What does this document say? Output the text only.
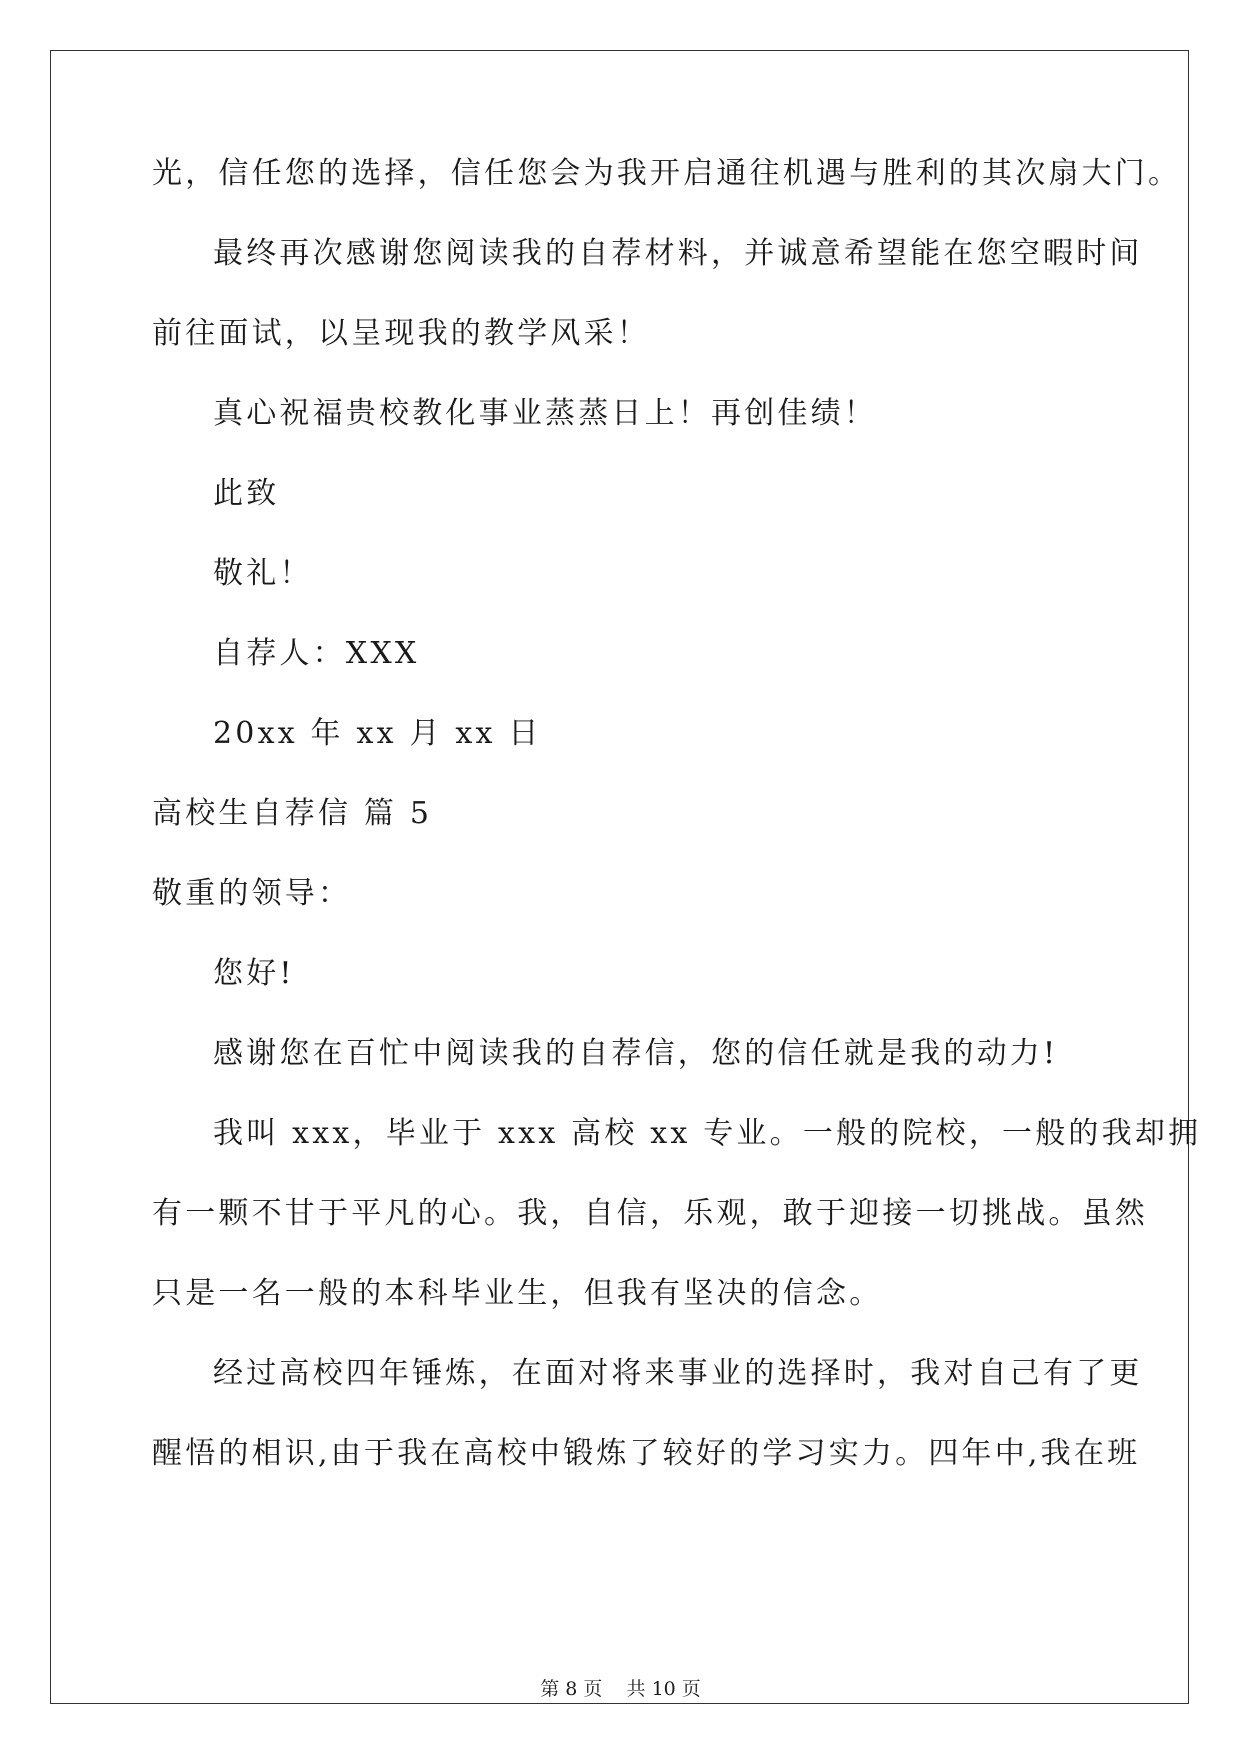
光，信任您的选择，信任您会为我开启通往机遇与胜利的其次扇大门。
最终再次感谢您阅读我的自荐材料，并诚意希望能在您空暇时间
前往面试，以呈现我的教学风采！
真心祝福贵校教化事业蒸蒸日上！再创佳绩！
此致
敬礼！
自荐人：XXX
20xx 年 xx 月 xx 日
高校生自荐信 篇 5
敬重的领导：
您好!
感谢您在百忙中阅读我的自荐信，您的信任就是我的动力!
我叫 xxx，毕业于 xxx 高校 xx 专业。一般的院校，一般的我却拥
有一颗不甘于平凡的心。我，自信，乐观，敢于迎接一切挑战。虽然
只是一名一般的本科毕业生，但我有坚决的信念。
经过高校四年锤炼，在面对将来事业的选择时，我对自己有了更
醒悟的相识,由于我在高校中锻炼了较好的学习实力。四年中,我在班
第 8 页    共 10 页
